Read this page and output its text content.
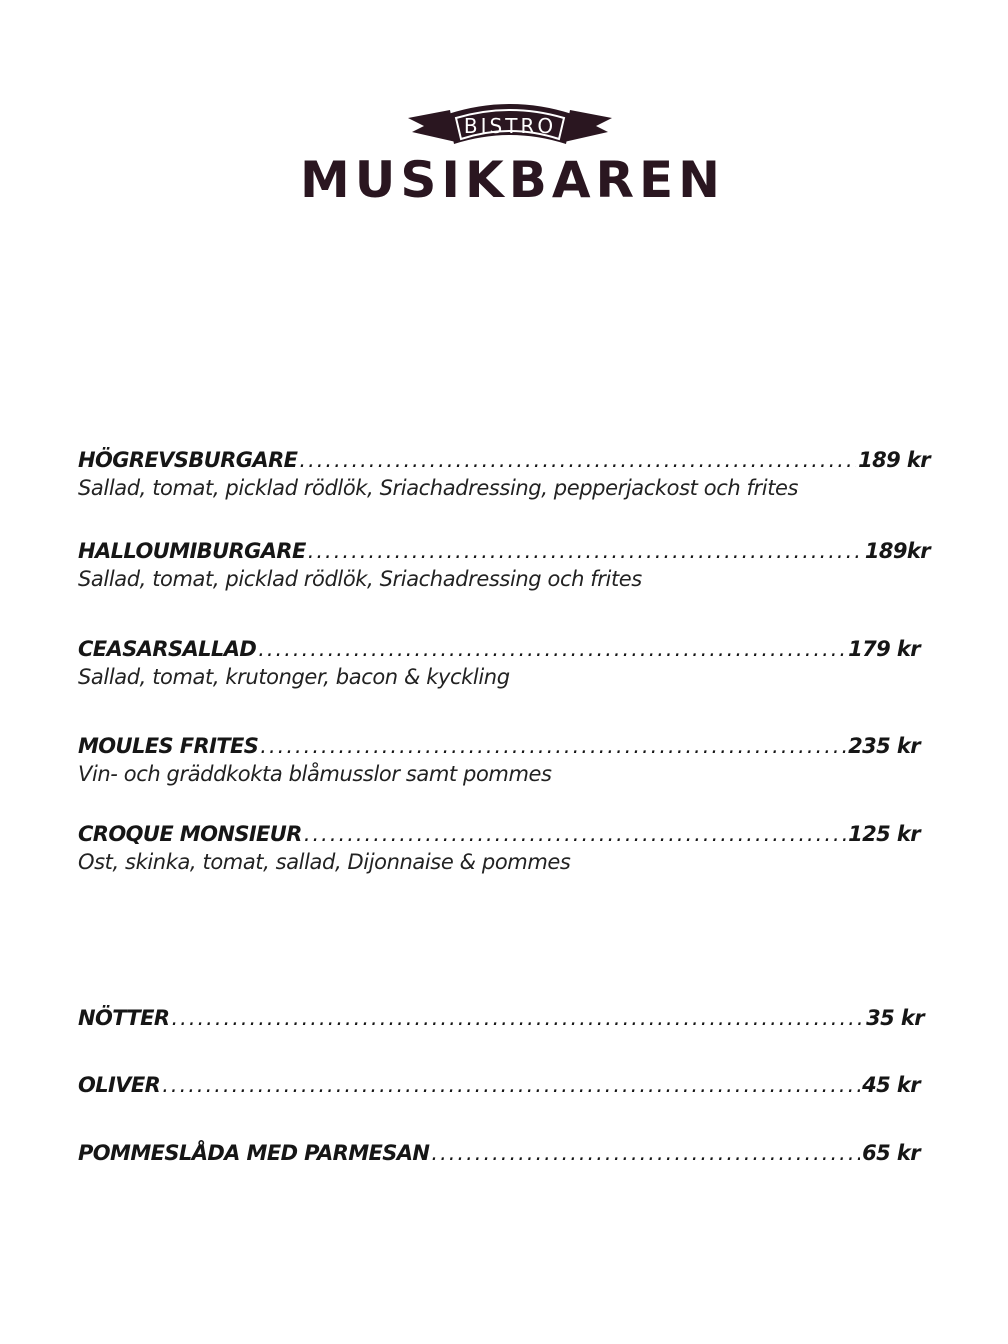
BISTRO
MUSIKBAREN
HÖGREVSBURGARE .....	189 kr
Sallad, tomat, picklad rödlök, Sriachadressing, pepperjackost och frites
HALLOUMIBURGARE .....	189kr
Sallad, tomat, picklad rödlök, Sriachadressing och frites
CEASARSALLAD .....	179 kr
Sallad, tomat, krutonger, bacon & kyckling
MOULES FRITES .....	235 kr
Vin- och gräddkokta blåmusslor samt pommes
CROQUE MONSIEUR .....	125 kr
Ost, skinka, tomat, sallad, Dijonnaise & pommes
NÖTTER .....	35 kr
OLIVER .....	45 kr
POMMESLÅDA MED PARMESAN .....	65 kr
